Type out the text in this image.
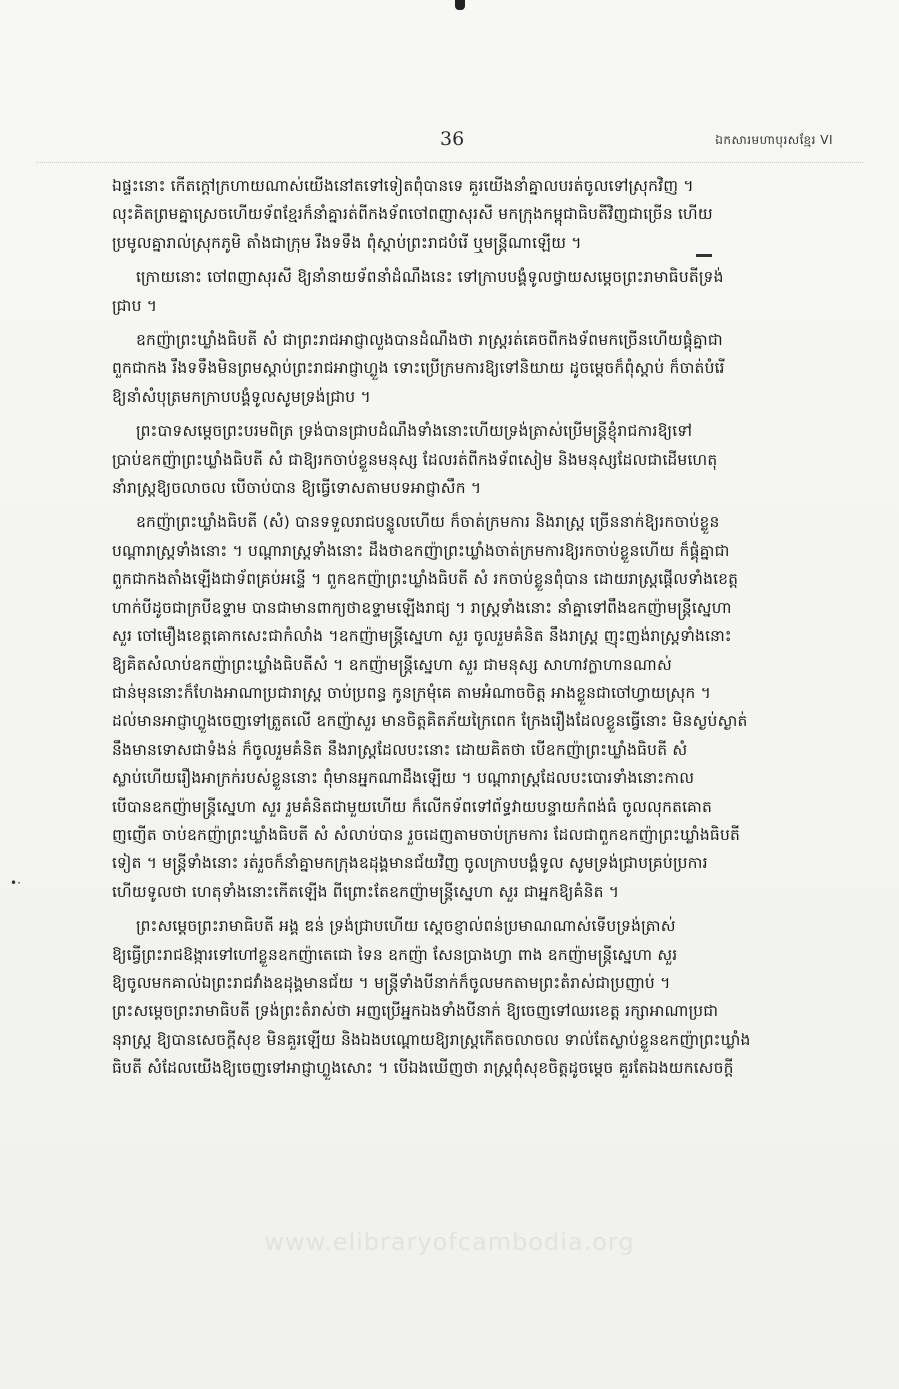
36	ឯកសារមហាបុរសខ្មែរ VI
•·

ឯផ្ទះនោះ កើតក្តៅក្រហាយណាស់យើងនៅតទៅទៀតពុំបានទេ គួរយើងនាំគ្នាលបរត់ចូលទៅស្រុកវិញ ។
លុះគិតព្រមគ្នាស្រេចហើយទ័ពខ្មែរក៏នាំគ្នារត់ពីកងទ័ពចៅពញាសុរសី មកក្រុងកម្ពុជាធិបតីវិញជាច្រើន ហើយ
ប្រមូលគ្នារាល់ស្រុកភូមិ តាំងជាក្រុម រឹងទទឹង ពុំស្តាប់ព្រះរាជបំរើ ឬមន្ត្រីណាឡើយ ។

ក្រោយនោះ ចៅពញាសុរសី ឱ្យនាំនាយទ័ពនាំដំណឹងនេះ ទៅក្រាបបង្គំទូលថ្វាយសម្តេចព្រះរាមាធិបតីទ្រង់
ជ្រាប ។

ឧកញ៉ាព្រះឃ្លាំងធិបតី សំ ជាព្រះរាជអាជ្ញាលួងបានដំណឹងថា រាស្ត្ររត់គេចពីកងទ័ពមកច្រើនហើយផ្គុំគ្នាជា
ពួកជាកង រឹងទទឹងមិនព្រមស្តាប់ព្រះរាជអាជ្ញាហ្លួង ទោះប្រើក្រមការឱ្យទៅនិយាយ ដូចម្តេចក៏ពុំស្តាប់ ក៏ចាត់បំរើ
ឱ្យនាំសំបុត្រមកក្រាបបង្គំទូលសូមទ្រង់ជ្រាប ។

ព្រះបាទសម្តេចព្រះបរមពិត្រ ទ្រង់បានជ្រាបដំណឹងទាំងនោះហើយទ្រង់ត្រាស់ប្រើមន្ត្រីខ្ញុំរាជការឱ្យទៅ
ប្រាប់ឧកញ៉ាព្រះឃ្លាំងធិបតី សំ ជាឱ្យរកចាប់ខ្លួនមនុស្ស ដែលរត់ពីកងទ័ពសៀម និងមនុស្សដែលជាដើមហេតុ
នាំរាស្ត្រឱ្យចលាចល បើចាប់បាន ឱ្យធ្វើទោសតាមបទអាជ្ញាសឹក ។

ឧកញ៉ាព្រះឃ្លាំងធិបតី (សំ) បានទទួលរាជបន្ទូលហើយ ក៏ចាត់ក្រមការ និងរាស្ត្រ ច្រើននាក់ឱ្យរកចាប់ខ្លួន
បណ្តារាស្ត្រទាំងនោះ ។ បណ្តារាស្ត្រទាំងនោះ ដឹងថាឧកញ៉ាព្រះឃ្លាំងចាត់ក្រមការឱ្យរកចាប់ខ្លួនហើយ ក៏ផ្គុំគ្នាជា
ពួកជាកងតាំងឡើងជាទ័ពគ្រប់អន្ទើ ។ ពួកឧកញ៉ាព្រះឃ្លាំងធិបតី សំ រកចាប់ខ្លួនពុំបាន ដោយរាស្ត្រផ្តើលទាំងខេត្ត
ហាក់បីដូចជាក្របីឧទ្ទាម បានជាមានពាក្យថាឧទ្ទាមឡើងរាជ្យ ។ រាស្ត្រទាំងនោះ នាំគ្នាទៅពឹងឧកញ៉ាមន្ត្រីស្នេហា
សួរ ចៅមឿងខេត្តគោកសេះជាកំលាំង ។ឧកញ៉ាមន្ត្រីស្នេហា សួរ ចូលរួមគំនិត នឹងរាស្ត្រ ញុះញង់រាស្ត្រទាំងនោះ
ឱ្យគិតសំលាប់ឧកញ៉ាព្រះឃ្លាំងធិបតីសំ ។ ឧកញ៉ាមន្ត្រីស្នេហា សួរ ជាមនុស្ស សាហាវក្លាហានណាស់
ជាន់មុននោះក៏ហែងអាណាប្រជារាស្ត្រ ចាប់ប្រពន្ធ កូនក្រមុំគេ តាមអំណាចចិត្ត អាងខ្លួនជាចៅហ្វាយស្រុក ។
ដល់មានអាជ្ញាហ្លួងចេញទៅត្រួតលើ ឧកញ៉ាសួរ មានចិត្តគិតភ័យក្រៃពេក ក្រែងរឿងដែលខ្លួនធ្វើនោះ មិនស្ងប់ស្ងាត់
នឹងមានទោសជាទំងន់ ក៏ចូលរួមគំនិត នឹងរាស្ត្រដែលបះនោះ ដោយគិតថា បើឧកញ៉ាព្រះឃ្លាំងធិបតី សំ
ស្លាប់ហើយរឿងអាក្រក់របស់ខ្លួននោះ ពុំមានអ្នកណាដឹងឡើយ ។ បណ្តារាស្ត្រដែលបះបោរទាំងនោះកាល
បើបានឧកញ៉ាមន្ត្រីស្នេហា សួរ រួមគំនិតជាមួយហើយ ក៏លើកទ័ពទៅព័ទ្ធវាយបន្ទាយកំពង់ធំ ចូលលុកតគោត
ញញើត ចាប់ឧកញ៉ាព្រះឃ្លាំងធិបតី សំ សំលាប់បាន រួចដេញតាមចាប់ក្រមការ ដែលជាពួកឧកញ៉ាព្រះឃ្លាំងធិបតី
ទៀត ។ មន្ត្រីទាំងនោះ រត់រួចក៏នាំគ្នាមកក្រុងឧដុង្គមានជ័យវិញ ចូលក្រាបបង្គំទូល សូមទ្រង់ជ្រាបគ្រប់ប្រការ
ហើយទូលថា ហេតុទាំងនោះកើតឡើង ពីព្រោះតែឧកញ៉ាមន្ត្រីស្នេហា សួរ ជាអ្នកឱ្យគំនិត ។

ព្រះសម្តេចព្រះរាមាធិបតី អង្គ ឌន់ ទ្រង់ជ្រាបហើយ ស្តេចខ្ញាល់ពន់ប្រមាណណាស់ទើបទ្រង់ត្រាស់
ឱ្យធ្វើព្រះរាជឱង្ការទៅហៅខ្លួនឧកញ៉ាតេជោ ទៃន ឧកញ៉ា សែនប្រាងហ្វា ពាង ឧកញ៉ាមន្ត្រីស្នេហា សួរ
ឱ្យចូលមកគាល់ឯព្រះរាជវាំងឧដុង្គមានជ័យ ។ មន្ត្រីទាំងបីនាក់ក៏ចូលមកតាមព្រះតំរាស់ជាប្រញាប់ ។
ព្រះសម្តេចព្រះរាមាធិបតី ទ្រង់ព្រះតំរាស់ថា អញប្រើអ្នកឯងទាំងបីនាក់ ឱ្យចេញទៅឈរខេត្ត រក្សាអាណាប្រជា
នុរាស្ត្រ ឱ្យបានសេចក្តីសុខ មិនគួរឡើយ និងឯងបណ្តោយឱ្យរាស្ត្រកើតចលាចល ទាល់តែស្លាប់ខ្លួនឧកញ៉ាព្រះឃ្លាំង
ធិបតី សំដែលយើងឱ្យចេញទៅអាជ្ញាហ្លួងសោះ ។ បើឯងឃើញថា រាស្ត្រពុំសុខចិត្តដូចម្តេច គួរតែឯងយកសេចក្តី

www.elibraryofcambodia.org
